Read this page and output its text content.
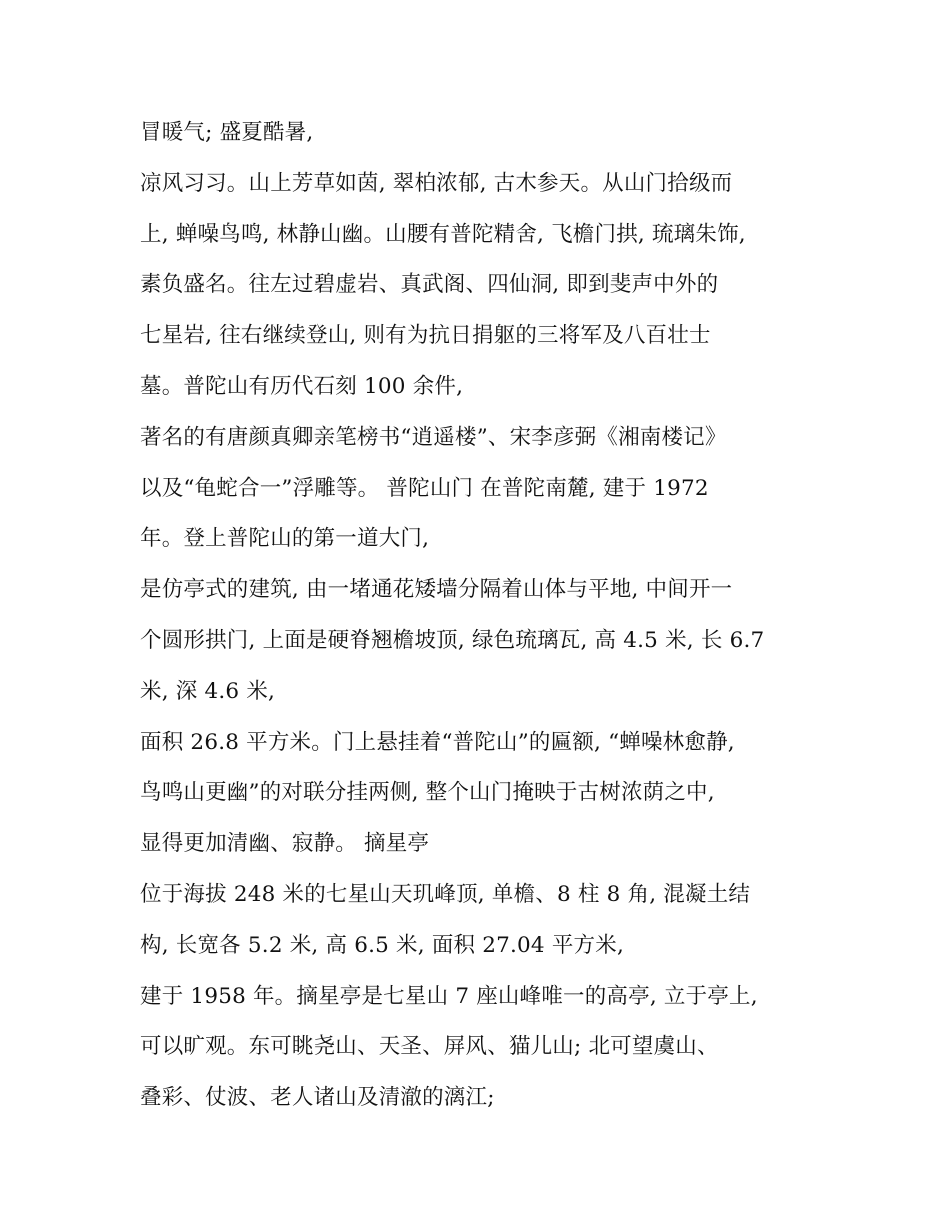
冒暖气; 盛夏酷暑,
凉风习习。山上芳草如茵, 翠柏浓郁, 古木参天。从山门拾级而
上, 蝉噪鸟鸣, 林静山幽。山腰有普陀精舍, 飞檐门拱, 琉璃朱饰,
素负盛名。往左过碧虚岩、真武阁、四仙洞, 即到斐声中外的
七星岩, 往右继续登山, 则有为抗日捐躯的三将军及八百壮士
墓。普陀山有历代石刻 100 余件,
著名的有唐颜真卿亲笔榜书“逍遥楼”、宋李彦弼《湘南楼记》
以及“龟蛇合一”浮雕等。 普陀山门 在普陀南麓, 建于 1972
年。登上普陀山的第一道大门,
是仿亭式的建筑, 由一堵通花矮墙分隔着山体与平地, 中间开一
个圆形拱门, 上面是硬脊翘檐坡顶, 绿色琉璃瓦, 高 4.5 米, 长 6.7
米, 深 4.6 米,
面积 26.8 平方米。门上悬挂着“普陀山”的匾额, “蝉噪林愈静,
鸟鸣山更幽”的对联分挂两侧, 整个山门掩映于古树浓荫之中,
显得更加清幽、寂静。 摘星亭
位于海拔 248 米的七星山天玑峰顶, 单檐、8 柱 8 角, 混凝土结
构, 长宽各 5.2 米, 高 6.5 米, 面积 27.04 平方米,
建于 1958 年。摘星亭是七星山 7 座山峰唯一的高亭, 立于亭上,
可以旷观。东可眺尧山、天圣、屏风、猫儿山; 北可望虞山、
叠彩、仗波、老人诸山及清澈的漓江;
